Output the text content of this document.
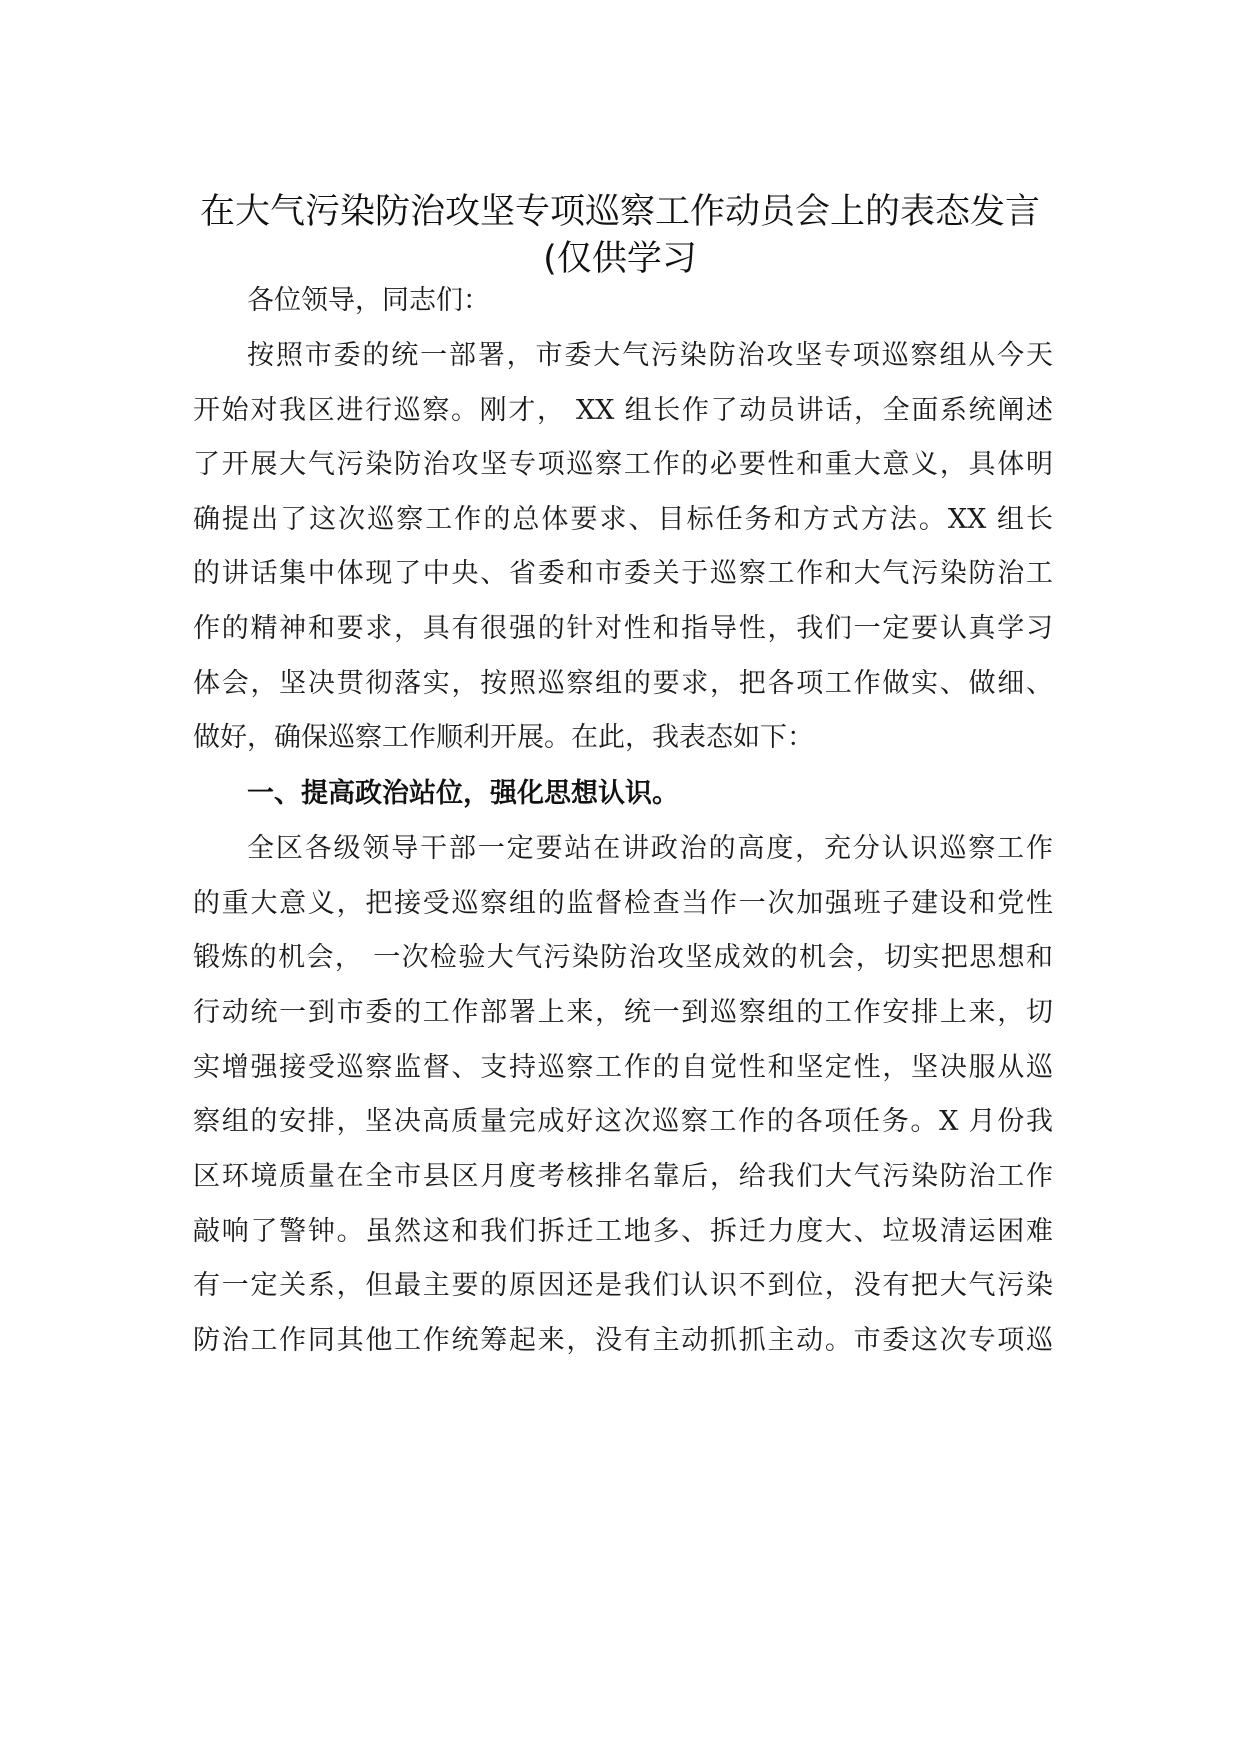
在大气污染防治攻坚专项巡察工作动员会上的表态发言
(仅供学习
各位领导，同志们：
按照市委的统一部署，市委大气污染防治攻坚专项巡察组从今天
开始对我区进行巡察。刚才， XX 组长作了动员讲话，全面系统阐述
了开展大气污染防治攻坚专项巡察工作的必要性和重大意义，具体明
确提出了这次巡察工作的总体要求、目标任务和方式方法。XX 组长
的讲话集中体现了中央、省委和市委关于巡察工作和大气污染防治工
作的精神和要求，具有很强的针对性和指导性，我们一定要认真学习
体会，坚决贯彻落实，按照巡察组的要求，把各项工作做实、做细、
做好，确保巡察工作顺利开展。在此，我表态如下：
一、提高政治站位，强化思想认识。
全区各级领导干部一定要站在讲政治的高度，充分认识巡察工作
的重大意义，把接受巡察组的监督检查当作一次加强班子建设和党性
锻炼的机会， 一次检验大气污染防治攻坚成效的机会，切实把思想和
行动统一到市委的工作部署上来，统一到巡察组的工作安排上来，切
实增强接受巡察监督、支持巡察工作的自觉性和坚定性，坚决服从巡
察组的安排，坚决高质量完成好这次巡察工作的各项任务。X 月份我
区环境质量在全市县区月度考核排名靠后，给我们大气污染防治工作
敲响了警钟。虽然这和我们拆迁工地多、拆迁力度大、垃圾清运困难
有一定关系，但最主要的原因还是我们认识不到位，没有把大气污染
防治工作同其他工作统筹起来，没有主动抓抓主动。市委这次专项巡
